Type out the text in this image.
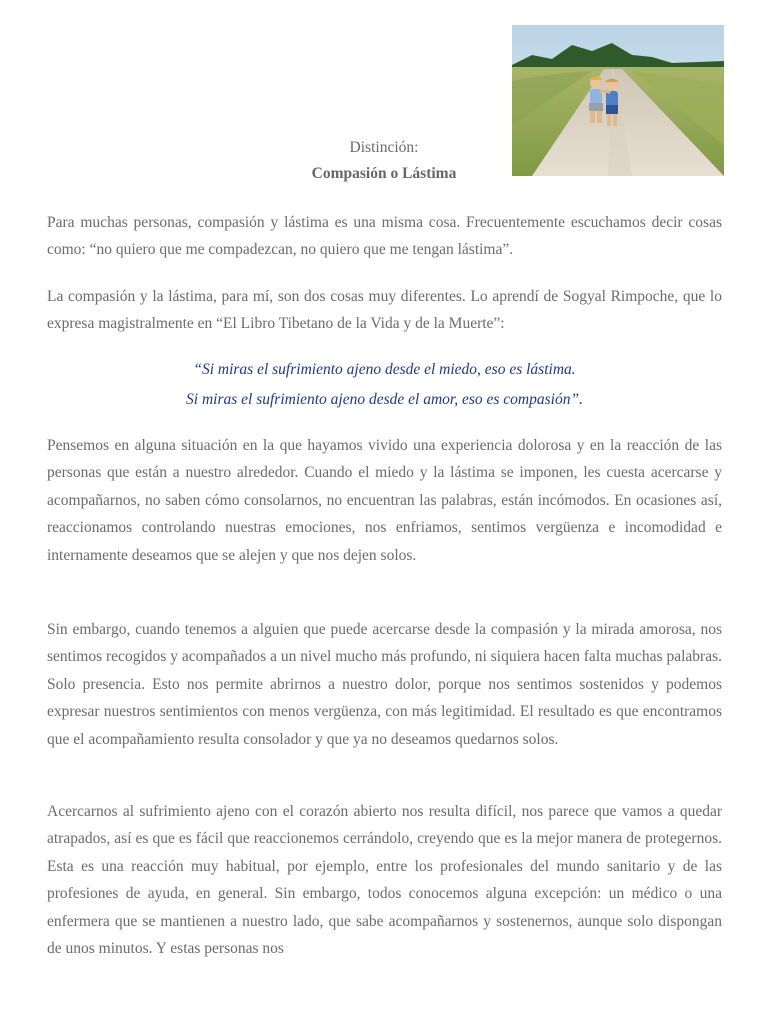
Distinción:
Compasión o Lástima

Para muchas personas, compasión y lástima es una misma cosa. Frecuentemente escuchamos decir cosas como: “no quiero que me compadezcan, no quiero que me tengan lástima”.

La compasión y la lástima, para mí, son dos cosas muy diferentes. Lo aprendí de Sogyal Rimpoche, que lo expresa magistralmente en “El Libro Tibetano de la Vida y de la Muerte”:

“Si miras el sufrimiento ajeno desde el miedo, eso es lástima.
Si miras el sufrimiento ajeno desde el amor, eso es compasión”.

Pensemos en alguna situación en la que hayamos vivido una experiencia dolorosa y en la reacción de las personas que están a nuestro alrededor. Cuando el miedo y la lástima se imponen, les cuesta acercarse y acompañarnos, no saben cómo consolarnos, no encuentran las palabras, están incómodos. En ocasiones así, reaccionamos controlando nuestras emociones, nos enfriamos, sentimos vergüenza e incomodidad e internamente deseamos que se alejen y que nos dejen solos.

Sin embargo, cuando tenemos a alguien que puede acercarse desde la compasión y la mirada amorosa, nos sentimos recogidos y acompañados a un nivel mucho más profundo, ni siquiera hacen falta muchas palabras. Solo presencia. Esto nos permite abrirnos a nuestro dolor, porque nos sentimos sostenidos y podemos expresar nuestros sentimientos con menos vergüenza, con más legitimidad. El resultado es que encontramos que el acompañamiento resulta consolador y que ya no deseamos quedarnos solos.

Acercarnos al sufrimiento ajeno con el corazón abierto nos resulta difícil, nos parece que vamos a quedar atrapados, así es que es fácil que reaccionemos cerrándolo, creyendo que es la mejor manera de protegernos. Esta es una reacción muy habitual, por ejemplo, entre los profesionales del mundo sanitario y de las profesiones de ayuda, en general. Sin embargo, todos conocemos alguna excepción: un médico o una enfermera que se mantienen a nuestro lado, que sabe acompañarnos y sostenernos, aunque solo dispongan de unos minutos. Y estas personas nos
